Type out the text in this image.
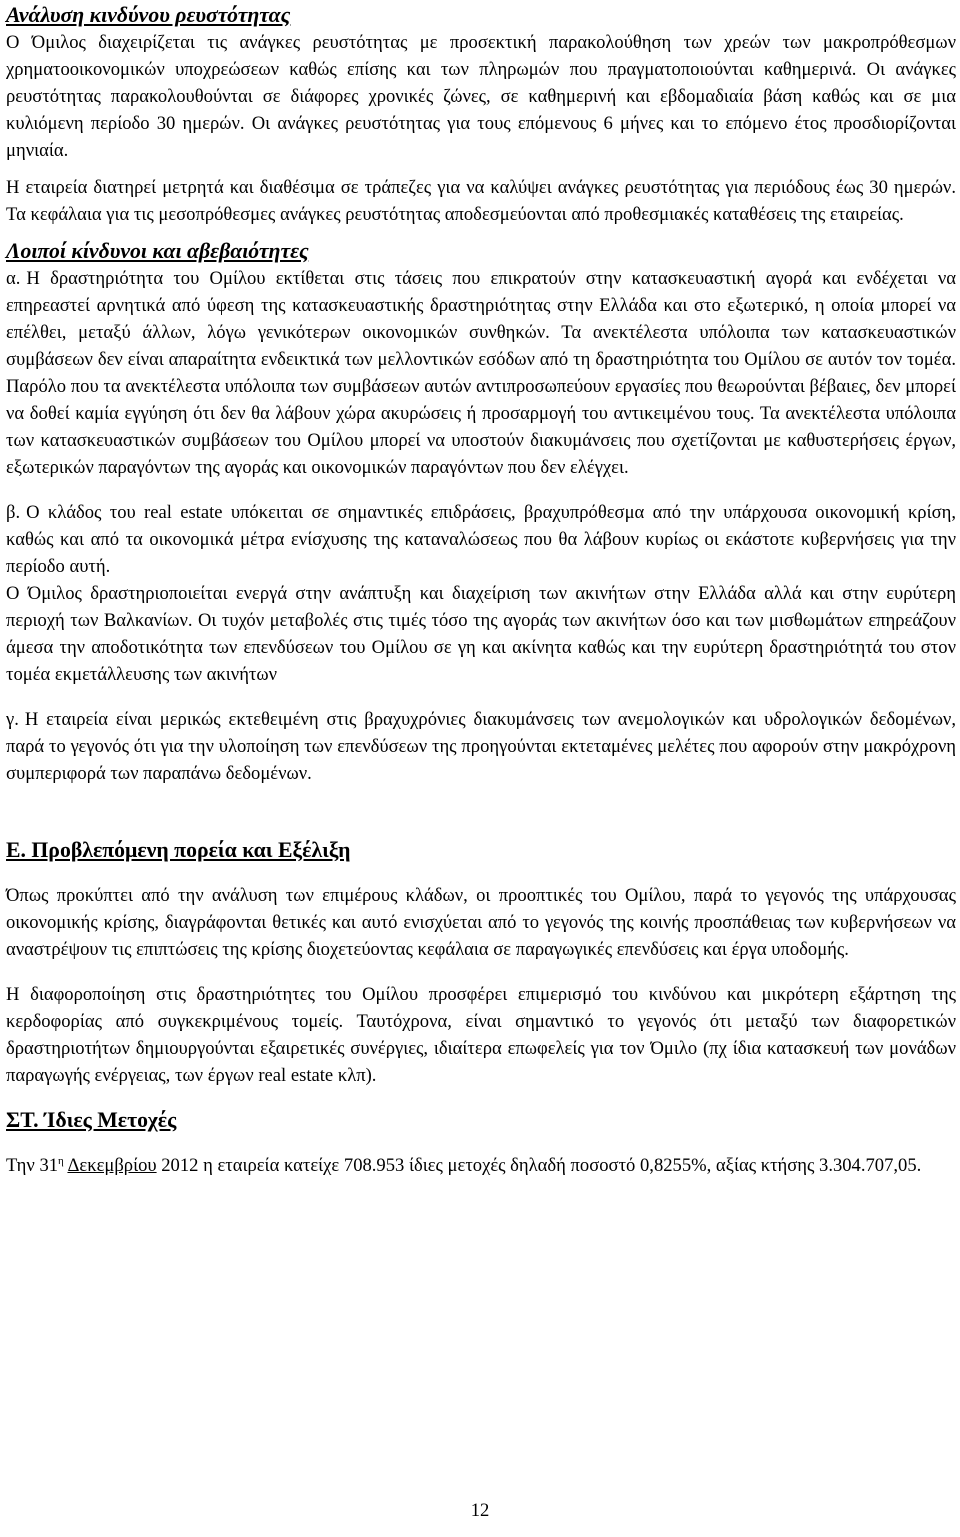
Ανάλυση κινδύνου ρευστότητας

Ο Όμιλος διαχειρίζεται τις ανάγκες ρευστότητας με προσεκτική παρακολούθηση των χρεών των μακροπρόθεσμων χρηματοοικονομικών υποχρεώσεων καθώς επίσης και των πληρωμών που πραγματοποιούνται καθημερινά. Οι ανάγκες ρευστότητας παρακολουθούνται σε διάφορες χρονικές ζώνες, σε καθημερινή και εβδομαδιαία βάση καθώς και σε μια κυλιόμενη περίοδο 30 ημερών. Οι ανάγκες ρευστότητας για τους επόμενους 6 μήνες και το επόμενο έτος προσδιορίζονται μηνιαία.

Η εταιρεία διατηρεί μετρητά και διαθέσιμα σε τράπεζες για να καλύψει ανάγκες ρευστότητας για περιόδους έως 30 ημερών. Τα κεφάλαια για τις μεσοπρόθεσμες ανάγκες ρευστότητας αποδεσμεύονται από προθεσμιακές καταθέσεις της εταιρείας.

Λοιποί κίνδυνοι και αβεβαιότητες

α. Η δραστηριότητα του Ομίλου εκτίθεται στις τάσεις που επικρατούν στην κατασκευαστική αγορά και ενδέχεται να επηρεαστεί αρνητικά από ύφεση της κατασκευαστικής δραστηριότητας στην Ελλάδα και στο εξωτερικό, η οποία μπορεί να επέλθει, μεταξύ άλλων, λόγω γενικότερων οικονομικών συνθηκών. Τα ανεκτέλεστα υπόλοιπα των κατασκευαστικών συμβάσεων δεν είναι απαραίτητα ενδεικτικά των μελλοντικών εσόδων από τη δραστηριότητα του Ομίλου σε αυτόν τον τομέα. Παρόλο που τα ανεκτέλεστα υπόλοιπα των συμβάσεων αυτών αντιπροσωπεύουν εργασίες που θεωρούνται βέβαιες, δεν μπορεί να δοθεί καμία εγγύηση ότι δεν θα λάβουν χώρα ακυρώσεις ή προσαρμογή του αντικειμένου τους. Τα ανεκτέλεστα υπόλοιπα των κατασκευαστικών συμβάσεων του Ομίλου μπορεί να υποστούν διακυμάνσεις που σχετίζονται με καθυστερήσεις έργων, εξωτερικών παραγόντων της αγοράς και οικονομικών παραγόντων που δεν ελέγχει.

β. Ο κλάδος του real estate υπόκειται σε σημαντικές επιδράσεις, βραχυπρόθεσμα από την υπάρχουσα οικονομική κρίση, καθώς και από τα οικονομικά μέτρα ενίσχυσης της καταναλώσεως που θα λάβουν κυρίως οι εκάστοτε κυβερνήσεις για την περίοδο αυτή.

Ο Όμιλος δραστηριοποιείται ενεργά στην ανάπτυξη και διαχείριση των ακινήτων στην Ελλάδα αλλά και στην ευρύτερη περιοχή των Βαλκανίων. Οι τυχόν μεταβολές στις τιμές τόσο της αγοράς των ακινήτων όσο και των μισθωμάτων επηρεάζουν άμεσα την αποδοτικότητα των επενδύσεων του Ομίλου σε γη και ακίνητα καθώς και την ευρύτερη δραστηριότητά του στον τομέα εκμετάλλευσης των ακινήτων

γ. Η εταιρεία είναι μερικώς εκτεθειμένη στις βραχυχρόνιες διακυμάνσεις των ανεμολογικών και υδρολογικών δεδομένων, παρά το γεγονός ότι για την υλοποίηση των επενδύσεων της προηγούνται εκτεταμένες μελέτες που αφορούν στην μακρόχρονη συμπεριφορά των παραπάνω δεδομένων.

Ε. Προβλεπόμενη πορεία και Εξέλιξη

Όπως προκύπτει από την ανάλυση των επιμέρους κλάδων, οι προοπτικές του Ομίλου, παρά το γεγονός της υπάρχουσας οικονομικής κρίσης, διαγράφονται θετικές και αυτό ενισχύεται από το γεγονός της κοινής προσπάθειας των κυβερνήσεων να αναστρέψουν τις επιπτώσεις της κρίσης διοχετεύοντας κεφάλαια σε παραγωγικές επενδύσεις και έργα υποδομής.

Η διαφοροποίηση στις δραστηριότητες του Ομίλου προσφέρει επιμερισμό του κινδύνου και μικρότερη εξάρτηση της κερδοφορίας από συγκεκριμένους τομείς. Ταυτόχρονα, είναι σημαντικό το γεγονός ότι μεταξύ των διαφορετικών δραστηριοτήτων δημιουργούνται εξαιρετικές συνέργιες, ιδιαίτερα επωφελείς για τον Όμιλο (πχ ίδια κατασκευή των μονάδων παραγωγής ενέργειας, των έργων real estate κλπ).

ΣΤ. Ίδιες Μετοχές

Την $31^\eta$ Δεκεμβρίου 2012 η εταιρεία κατείχε 708.953 ίδιες μετοχές δηλαδή ποσοστό 0,8255%, αξίας κτήσης 3.304.707,05.

12
